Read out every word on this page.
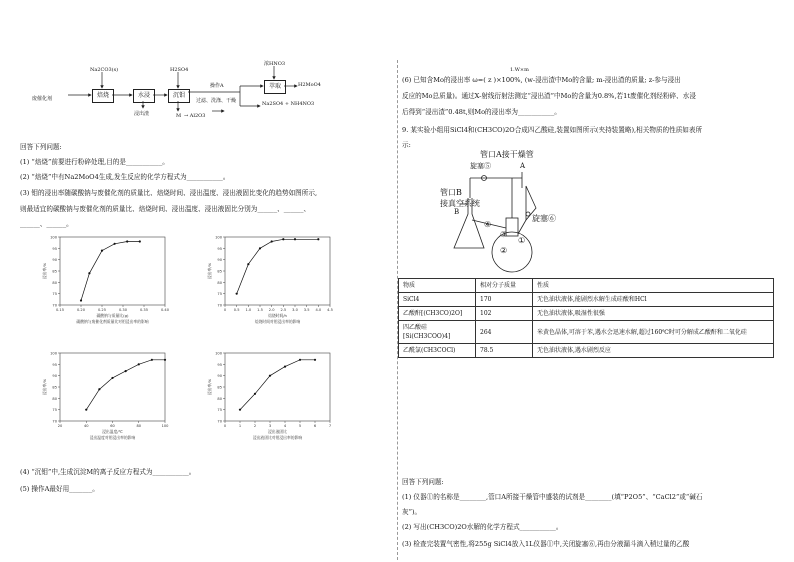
废催化剂	焙烧	水浸	沉钼
萃取
Na2CO3(s)	H2SO4
浓HNO3
浸出渣
操作A
过滤、洗涤、干燥
M → Al2O3
H2MoO4
Na2SO4 + NH4NO3
回答下列问题:
(1) “焙烧”前要进行粉碎处理,目的是___________。
(2) “焙烧”中有Na2MoO4生成,发生反应的化学方程式为___________。
(3) 钼的浸出率随碳酸钠与废催化剂的质量比、焙烧时间、浸出温度、浸出液固比变化的趋势如图所示,
则最适宜的碳酸钠与废催化剂的质量比、焙烧时间、浸出温度、浸出液固比分别为______、______、
______、______。
70
75
80
85
90
95
100
0.15	0.20	0.25	0.30	0.35	0.40
浸出率/%
碳酸钠与质量比(g)
碳酸钠与废催化剂质量比对钼浸出率的影响
70
75
80
85
90
95
100
0 0.5 1.0 1.5 2.0 2.5 3.0 3.5 4.0 4.5
浸出率/%
焙烧时间/h
焙烧时间对钼浸出率的影响
70
75
80
85
90
95
100
20	40	60	80	100
浸出率/%
浸出温度/℃
浸出温度对钼浸出率的影响
70
75
80
85
90
95
100
0	1	2	3	4	5	6	7
浸出率/%
浸出液固比
浸出液固比对钼浸出率的影响
(4) “沉钼”中,生成沉淀M的离子反应方程式为___________。
(5) 操作A最好用_______。
1.W×m
(6) 已知含Mo的浸出率 ω=( z )×100%, (w-浸出渣中Mo的含量; m-浸出渣的质量; z-参与浸出
反应的Mo总质量)。通过X-射线衍射法测定“浸出渣”中Mo的含量为0.8%,若1t废催化剂经粉碎、水浸
后得到“浸出渣”0.48t,则Mo的浸出率为___________。
9. 某实验小组用SiCl4和(CH3CO)2O合成四乙酸硅,装置如图所示(夹持装置略),相关物质的性质如表所
示:
管口A接干燥管
旋塞⑤	A
管口B
接真空系统
B
④
③
②
①
旋塞⑥
物质	相对分子质量	性质
SiCl4	170	无色油状液体,能剧烈水解生成硅酸和HCl
乙酸酐[(CH3CO)2O]	102	无色油状液体,吸湿性很强
四乙酸硅
[Si(CH3COO)4]	264	米黄色晶体,可溶于苯,遇水会迅速水解,超过160℃时可分解成乙酸酐和二氧化硅
乙酰氯(CH3COCl)	78.5	无色油状液体,遇水剧烈反应
回答下列问题:
(1) 仪器①的名称是________,管口A所接干燥管中盛装的试剂是________(填“P2O5”、“CaCl2”或“碱石
灰”)。
(2) 写出(CH3CO)2O水解的化学方程式___________。
(3) 检查完装置气密性,将255g SiCl4放入1L仪器①中,关闭旋塞⑥,再由分液漏斗滴入稍过量的乙酸
